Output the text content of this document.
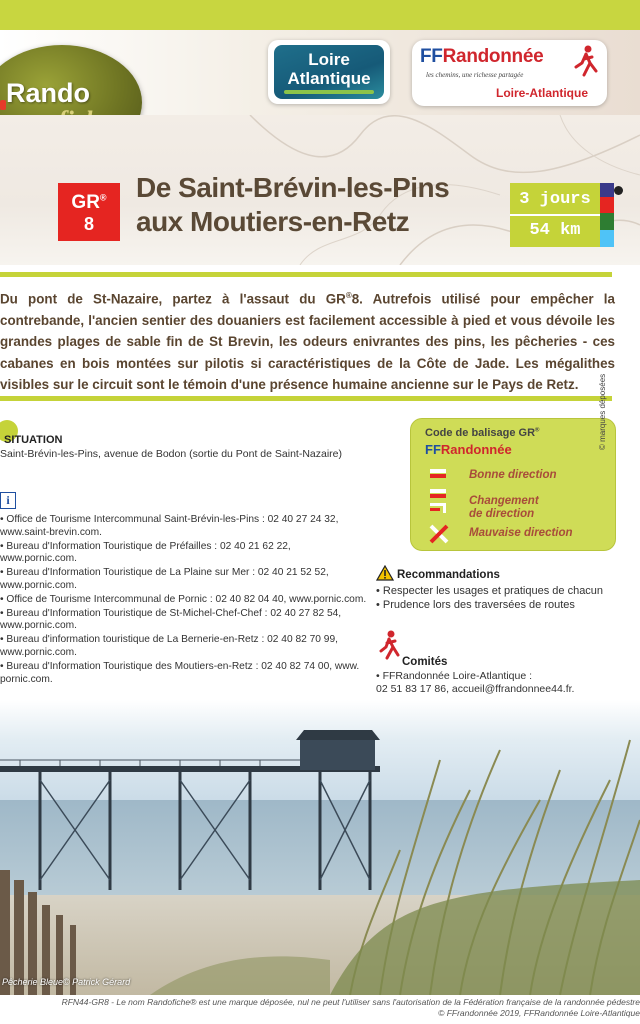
Rando
Loire
Atlantique
FFRandonnée
les chemins, une richesse partagée
Loire-Atlantique
GR®
8
De Saint-Brévin-les-Pins
aux Moutiers-en-Retz
3 jours
54 km

Du pont de St-Nazaire, partez à l'assaut du GR®8. Autrefois utilisé pour empêcher la contrebande, l'ancien sentier des douaniers est facilement accessible à pied et vous dévoile les grandes plages de sable fin de St Brevin, les odeurs enivrantes des pins, les pêcheries - ces cabanes en bois montées sur pilotis si caractéristiques de la Côte de Jade. Les mégalithes visibles sur le circuit sont le témoin d'une présence humaine ancienne sur le Pays de Retz.

SITUATION
Saint-Brévin-les-Pins, avenue de Bodon (sortie du Pont de Saint-Nazaire)
i
• Office de Tourisme Intercommunal Saint-Brévin-les-Pins : 02 40 27 24 32, www.saint-brevin.com.
• Bureau d'Information Touristique de Préfailles : 02 40 21 62 22, www.pornic.com.
• Bureau d'Information Touristique de La Plaine sur Mer : 02 40 21 52 52, www.pornic.com.
• Office de Tourisme Intercommunal de Pornic : 02 40 82 04 40, www.pornic.com.
• Bureau d'Information Touristique de St-Michel-Chef-Chef : 02 40 27 82 54, www.pornic.com.
• Bureau d'information touristique de La Bernerie-en-Retz : 02 40 82 70 99, www.pornic.com.
• Bureau d'Information Touristique des Moutiers-en-Retz : 02 40 82 74 00, www. pornic.com.
Code de balisage GR®
FFRandonnée
Bonne direction
Changement
de direction
Mauvaise direction
© marques déposées
Recommandations
• Respecter les usages et pratiques de chacun
• Prudence lors des traversées de routes
Comités
• FFRandonnée Loire-Atlantique :
02 51 83 17 86, accueil@ffrandonnee44.fr.
Pêcherie Bleue© Patrick Gérard
RFN44-GR8 - Le nom Randofiche® est une marque déposée, nul ne peut l'utiliser sans l'autorisation de la Fédération française de la randonnée pédestre
© FFrandonnée 2019, FFRandonnée Loire-Atlantique
